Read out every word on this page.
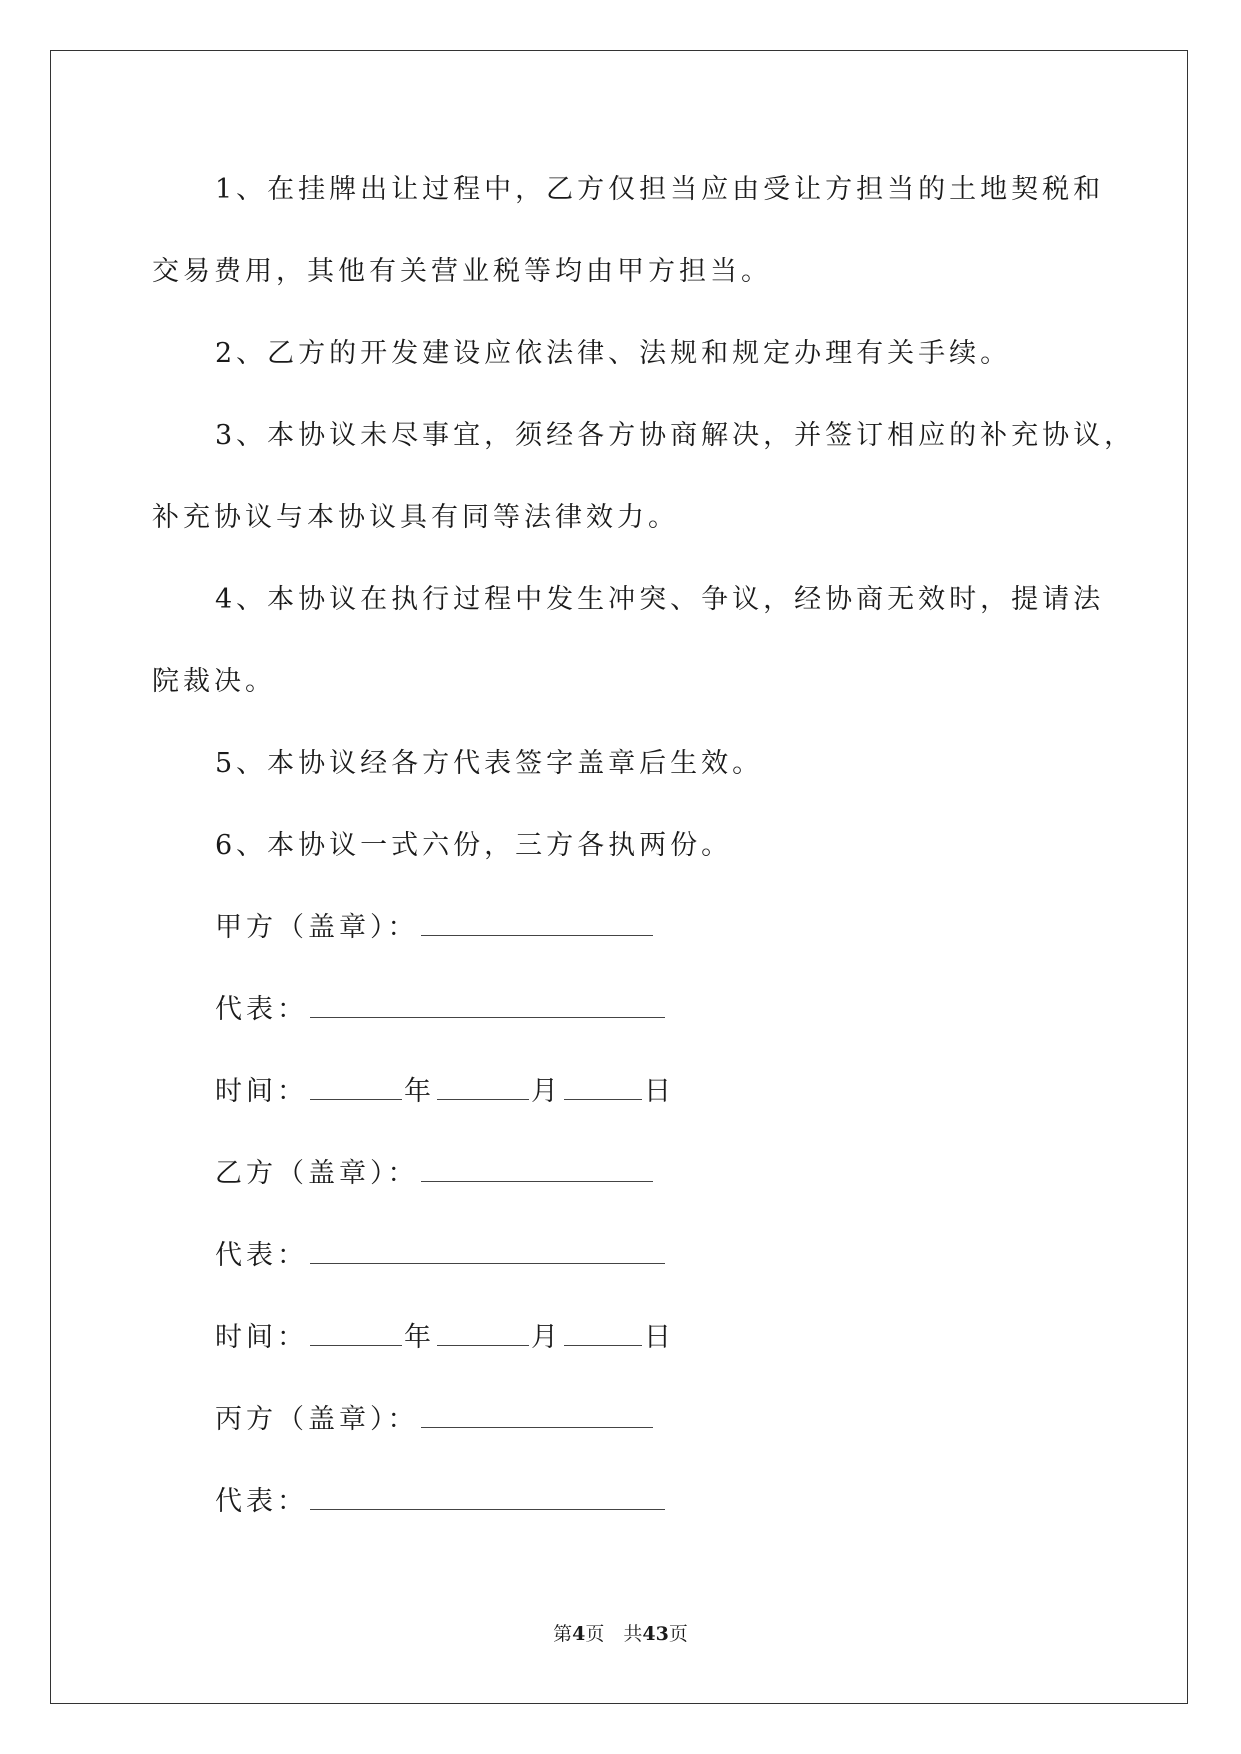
1、在挂牌出让过程中，乙方仅担当应由受让方担当的土地契税和
交易费用，其他有关营业税等均由甲方担当。
2、乙方的开发建设应依法律、法规和规定办理有关手续。
3、本协议未尽事宜，须经各方协商解决，并签订相应的补充协议，
补充协议与本协议具有同等法律效力。
4、本协议在执行过程中发生冲突、争议，经协商无效时，提请法
院裁决。
5、本协议经各方代表签字盖章后生效。
6、本协议一式六份，三方各执两份。
甲方（盖章）：
代表：
时间：	年	月	日
乙方（盖章）：
代表：
时间：	年	月	日
丙方（盖章）：
代表：
第4页　共43页
